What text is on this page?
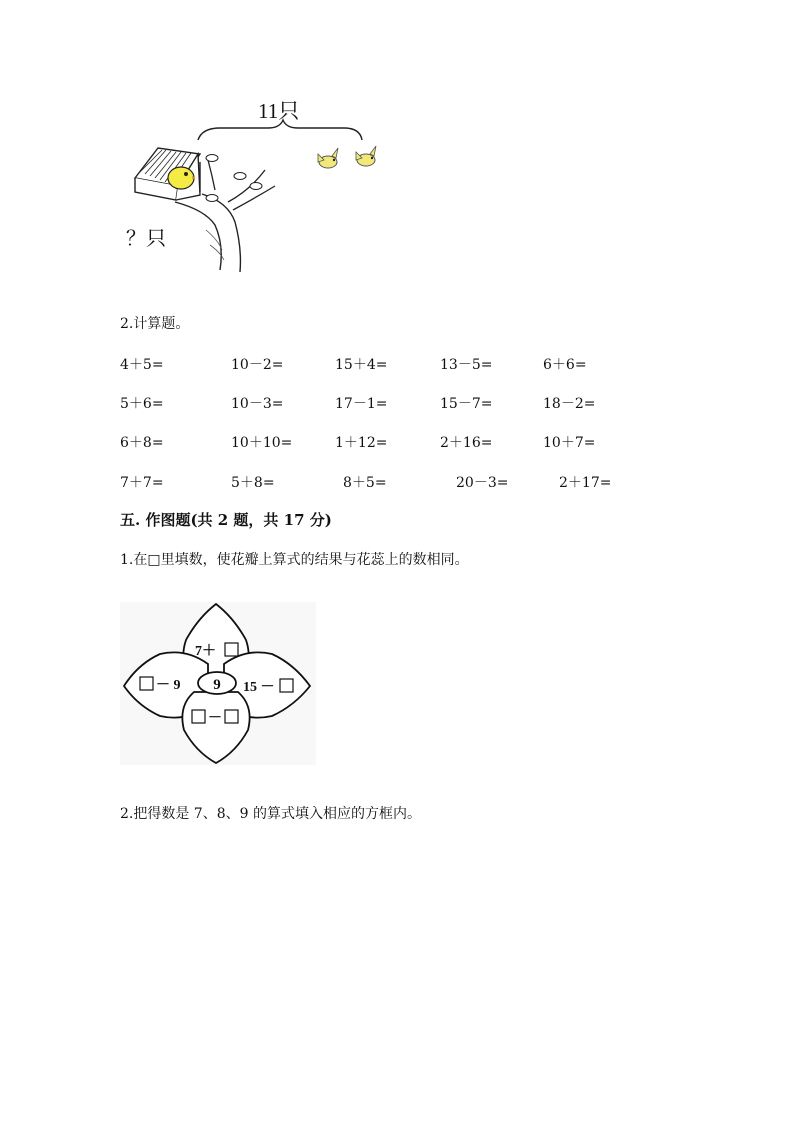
11只
？只
2.计算题。
4＋5=	10－2=	15＋4=	13－5=	6＋6=
5＋6=	10－3=	17－1=	15－7=	18－2=
6＋8=	10＋10=	1＋12=	2＋16=	10＋7=
7＋7=	5＋8=	8＋5=	20－3=	2＋17=
五. 作图题(共 2 题，共 17 分)
1.在□里填数，使花瓣上算式的结果与花蕊上的数相同。
9
7＋
－ 9	15 －
－
2.把得数是 7、8、9 的算式填入相应的方框内。
